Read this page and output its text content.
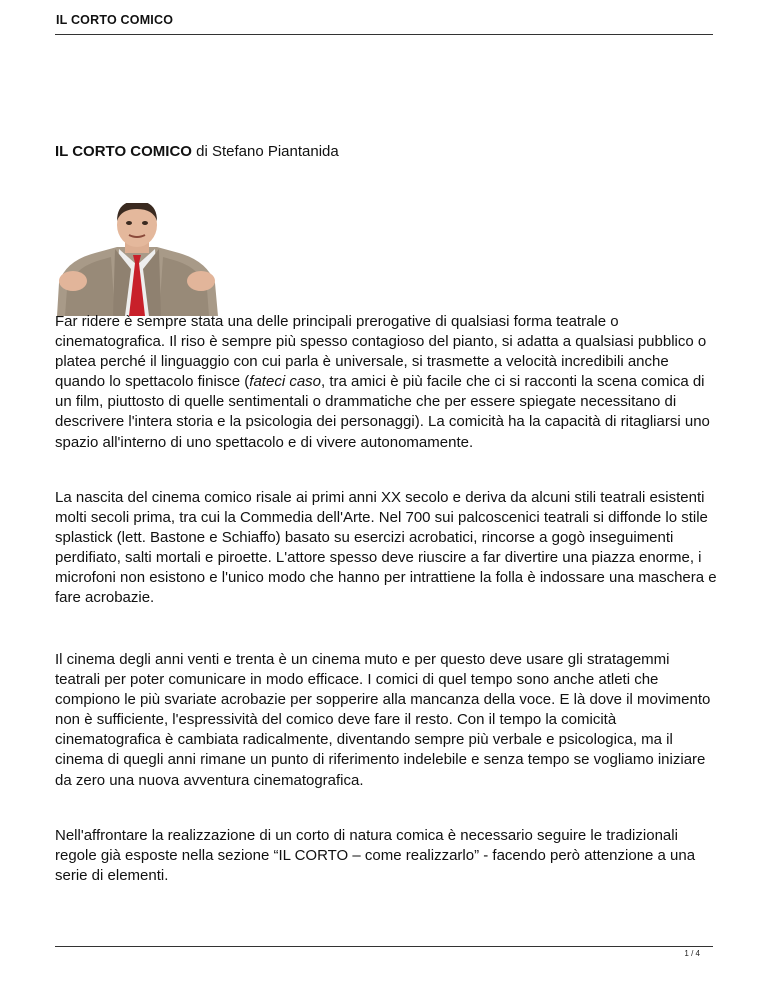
IL CORTO COMICO
IL CORTO COMICO di Stefano Piantanida

Far ridere è sempre stata una delle principali prerogative di qualsiasi forma teatrale o cinematografica. Il riso è sempre più spesso contagioso del pianto, si adatta a qualsiasi pubblico o platea perché il linguaggio con cui parla è universale, si trasmette a velocità incredibili anche quando lo spettacolo finisce (fateci caso, tra amici è più facile che ci si racconti la scena comica di un film, piuttosto di quelle sentimentali o drammatiche che per essere spiegate necessitano di descrivere l'intera storia e la psicologia dei personaggi). La comicità ha la capacità di ritagliarsi uno spazio all'interno di uno spettacolo e di vivere autonomamente.

La nascita del cinema comico risale ai primi anni XX secolo e deriva da alcuni stili teatrali esistenti molti secoli prima, tra cui la Commedia dell'Arte. Nel 700 sui palcoscenici teatrali si diffonde lo stile splastick (lett. Bastone e Schiaffo) basato su esercizi acrobatici, rincorse a gogò inseguimenti perdifiato, salti mortali e piroette. L'attore spesso deve riuscire a far divertire una piazza enorme, i microfoni non esistono e l'unico modo che hanno per intrattiene la folla è indossare una maschera e fare acrobazie.

Il cinema degli anni venti e trenta è un cinema muto e per questo deve usare gli stratagemmi teatrali per poter comunicare in modo efficace. I comici di quel tempo sono anche atleti che compiono le più svariate acrobazie per sopperire alla mancanza della voce. E là dove il movimento non è sufficiente, l'espressività del comico deve fare il resto. Con il tempo la comicità cinematografica è cambiata radicalmente, diventando sempre più verbale e psicologica, ma il cinema di quegli anni rimane un punto di riferimento indelebile e senza tempo se vogliamo iniziare da zero una nuova avventura cinematografica.

Nell'affrontare la realizzazione di un corto di natura comica è necessario seguire le tradizionali regole già esposte nella sezione “IL CORTO – come realizzarlo” - facendo però attenzione a una serie di elementi.

1 / 4
